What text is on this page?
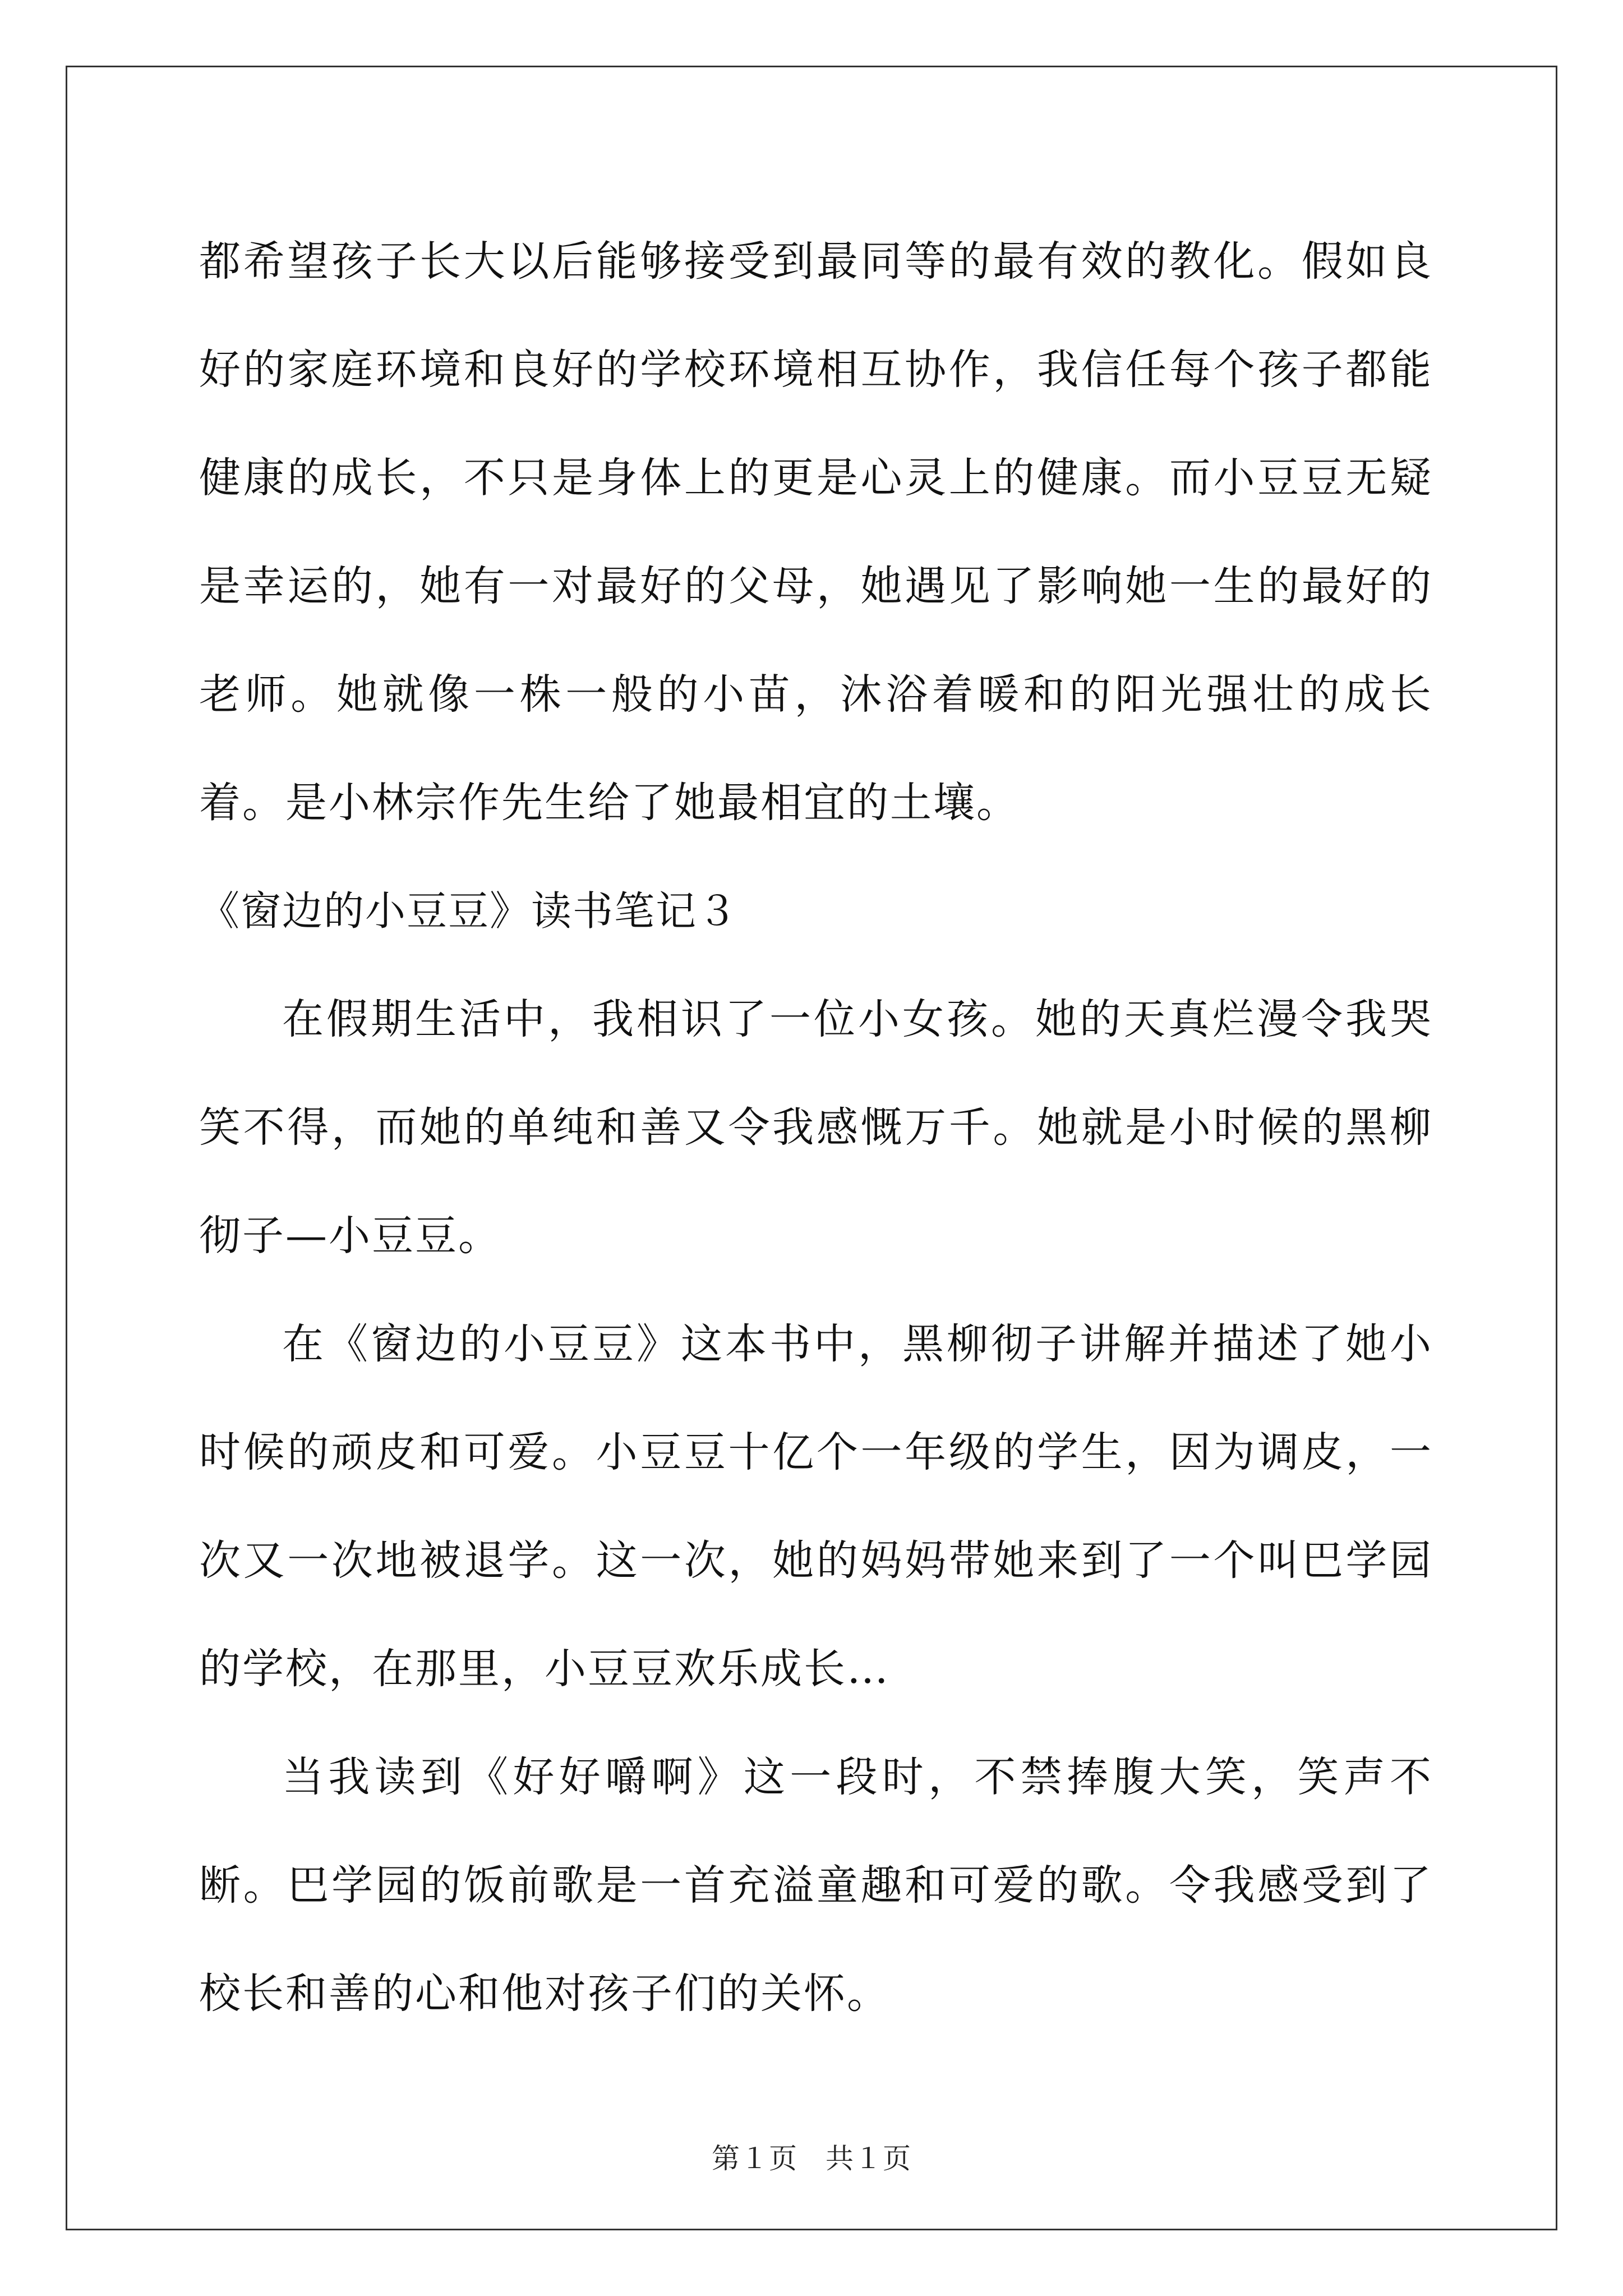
都希望孩子长大以后能够接受到最同等的最有效的教化。假如良好的家庭环境和良好的学校环境相互协作，我信任每个孩子都能健康的成长，不只是身体上的更是心灵上的健康。而小豆豆无疑是幸运的，她有一对最好的父母，她遇见了影响她一生的最好的老师。她就像一株一般的小苗，沐浴着暖和的阳光强壮的成长着。是小林宗作先生给了她最相宜的土壤。

《窗边的小豆豆》读书笔记３

在假期生活中，我相识了一位小女孩。她的天真烂漫令我哭笑不得，而她的单纯和善又令我感慨万千。她就是小时候的黑柳彻子—小豆豆。

在《窗边的小豆豆》这本书中，黑柳彻子讲解并描述了她小时候的顽皮和可爱。小豆豆十亿个一年级的学生，因为调皮，一次又一次地被退学。这一次，她的妈妈带她来到了一个叫巴学园的学校，在那里，小豆豆欢乐成长…

当我读到《好好嚼啊》这一段时，不禁捧腹大笑，笑声不断。巴学园的饭前歌是一首充溢童趣和可爱的歌。令我感受到了校长和善的心和他对孩子们的关怀。

第１页 共１页
